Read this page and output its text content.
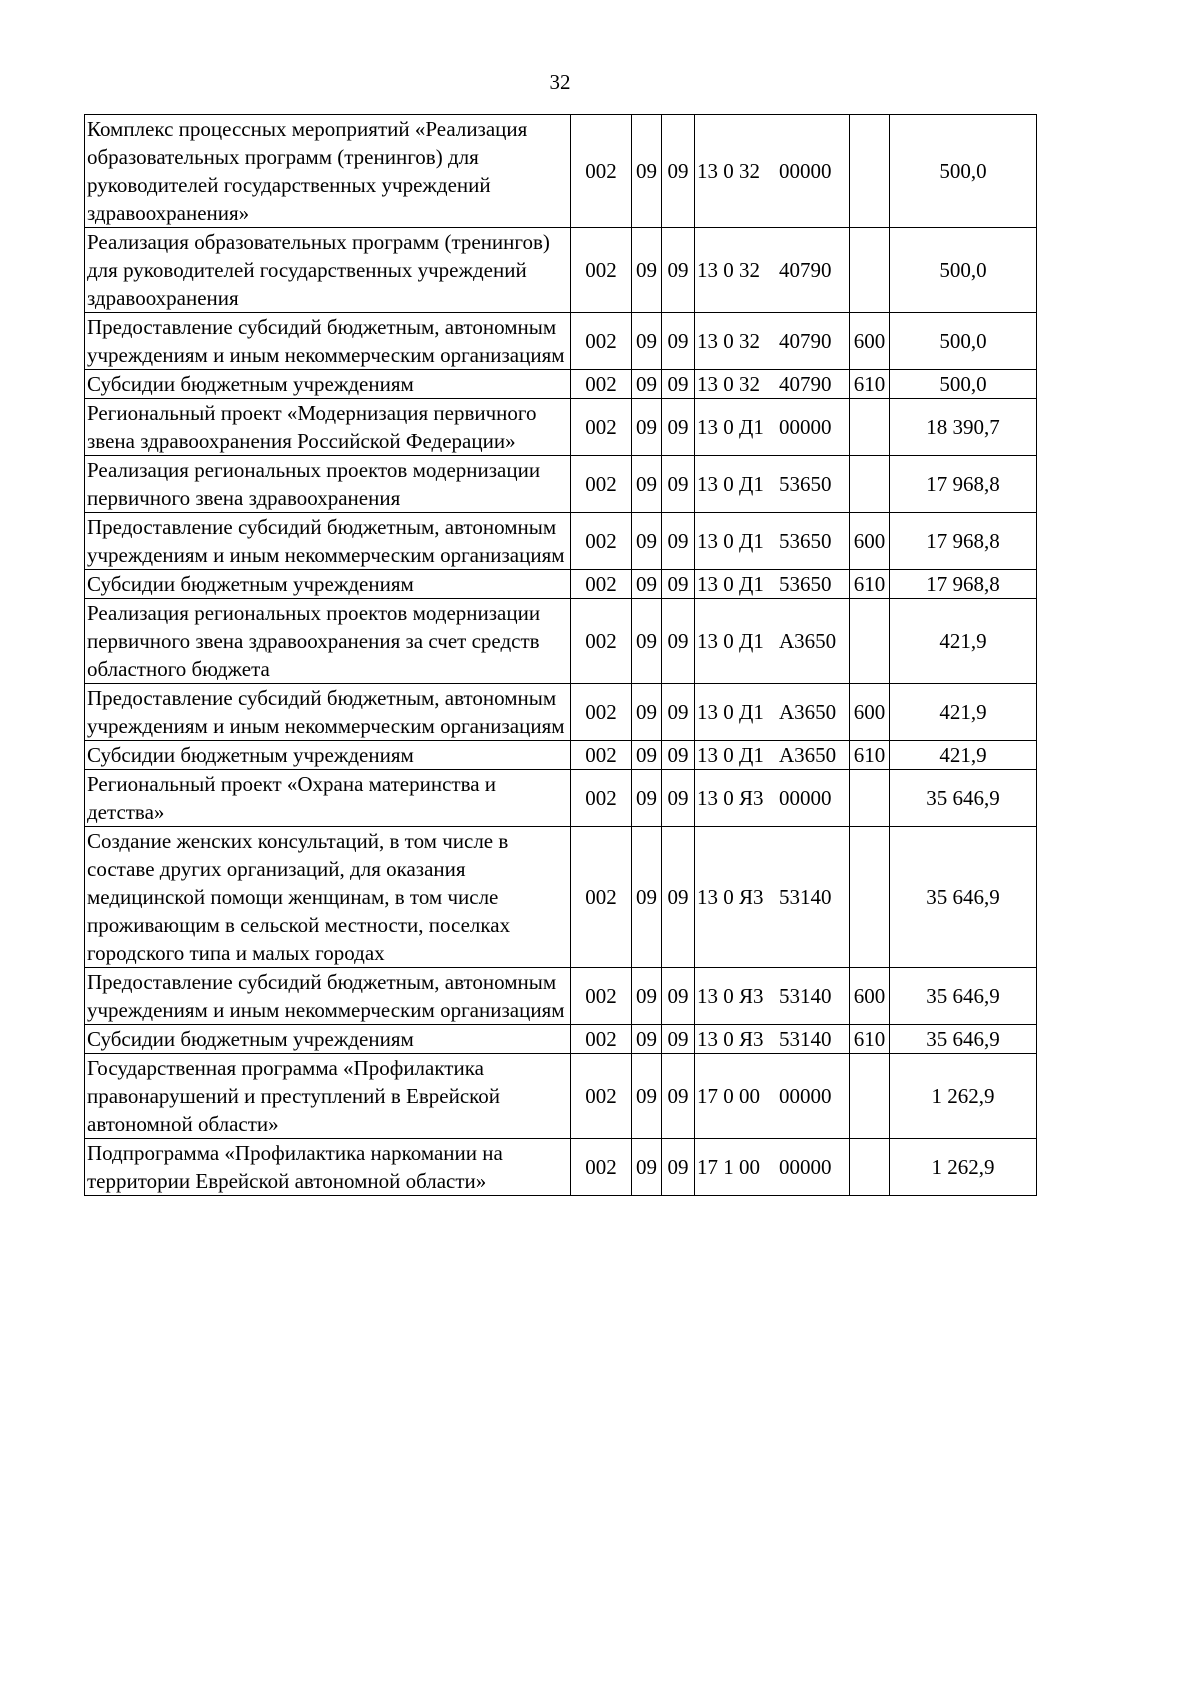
32
Комплекс процессных мероприятий «Реализация образовательных программ (тренингов) для руководителей государственных учреждений здравоохранения»	002	09	09	13 0 32 00000		500,0
Реализация образовательных программ (тренингов) для руководителей государственных учреждений здравоохранения	002	09	09	13 0 32 40790		500,0
Предоставление субсидий бюджетным, автономным учреждениям и иным некоммерческим организациям	002	09	09	13 0 32 40790	600	500,0
Субсидии бюджетным учреждениям	002	09	09	13 0 32 40790	610	500,0
Региональный проект «Модернизация первичного звена здравоохранения Российской Федерации»	002	09	09	13 0 Д1 00000		18 390,7
Реализация региональных проектов модернизации первичного звена здравоохранения	002	09	09	13 0 Д1 53650		17 968,8
Предоставление субсидий бюджетным, автономным учреждениям и иным некоммерческим организациям	002	09	09	13 0 Д1 53650	600	17 968,8
Субсидии бюджетным учреждениям	002	09	09	13 0 Д1 53650	610	17 968,8
Реализация региональных проектов модернизации первичного звена здравоохранения за счет средств областного бюджета	002	09	09	13 0 Д1 А3650		421,9
Предоставление субсидий бюджетным, автономным учреждениям и иным некоммерческим организациям	002	09	09	13 0 Д1 А3650	600	421,9
Субсидии бюджетным учреждениям	002	09	09	13 0 Д1 А3650	610	421,9
Региональный проект «Охрана материнства и детства»	002	09	09	13 0 Я3 00000		35 646,9
Создание женских консультаций, в том числе в составе других организаций, для оказания медицинской помощи женщинам, в том числе проживающим в сельской местности, поселках городского типа и малых городах	002	09	09	13 0 Я3 53140		35 646,9
Предоставление субсидий бюджетным, автономным учреждениям и иным некоммерческим организациям	002	09	09	13 0 Я3 53140	600	35 646,9
Субсидии бюджетным учреждениям	002	09	09	13 0 Я3 53140	610	35 646,9
Государственная программа «Профилактика правонарушений и преступлений в Еврейской автономной области»	002	09	09	17 0 00 00000		1 262,9
Подпрограмма «Профилактика наркомании на территории Еврейской автономной области»	002	09	09	17 1 00 00000		1 262,9
